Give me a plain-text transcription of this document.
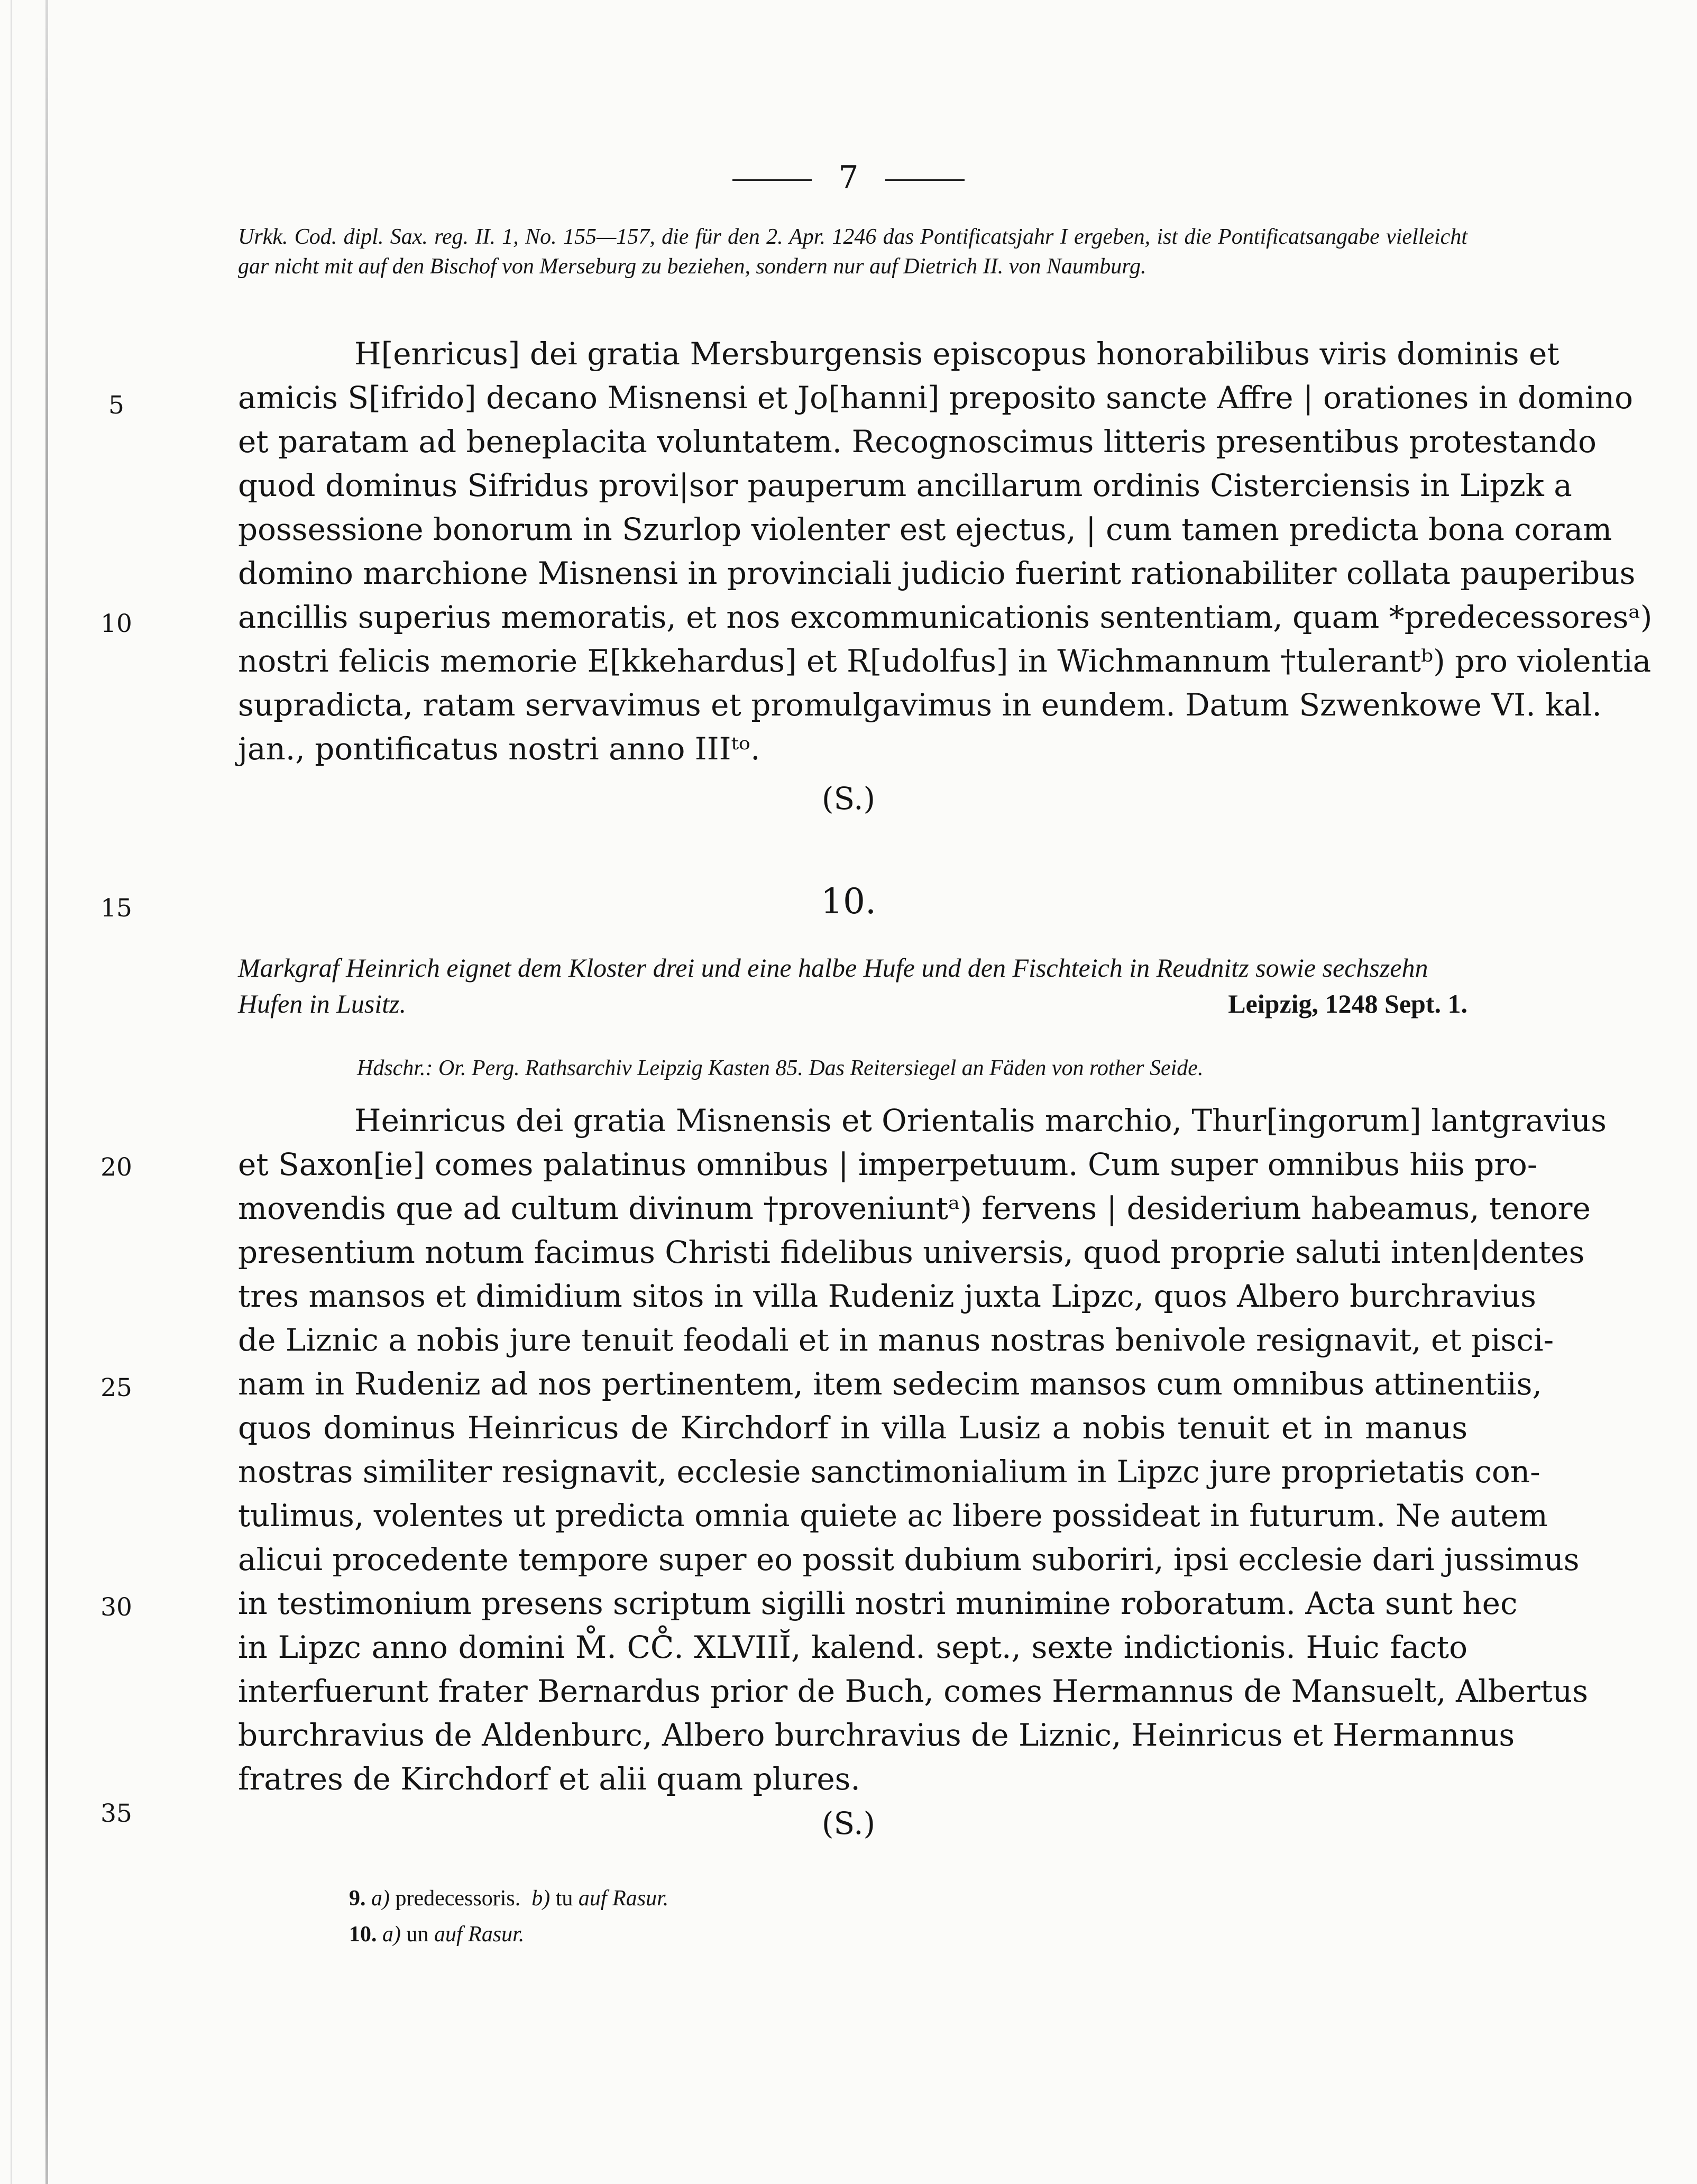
7
Urkk. Cod. dipl. Sax. reg. II. 1, No. 155—157, die für den 2. Apr. 1246 das Pontificatsjahr I ergeben, ist die Pontificatsangabe vielleicht gar nicht mit auf den Bischof von Merseburg zu beziehen, sondern nur auf Dietrich II. von Naumburg.
H[enricus] dei gratia Mersburgensis episcopus honorabilibus viris dominis et
amicis S[ifrido] decano Misnensi et Jo[hanni] preposito sancte Affre | orationes in domino
et paratam ad beneplacita voluntatem. Recognoscimus litteris presentibus protestando
quod dominus Sifridus provi|sor pauperum ancillarum ordinis Cisterciensis in Lipzk a
possessione bonorum in Szurlop violenter est ejectus, | cum tamen predicta bona coram
domino marchione Misnensi in provinciali judicio fuerint rationabiliter collata pauperibus
ancillis superius memoratis, et nos excommunicationis sententiam, quam *predecessoresᵃ)
nostri felicis memorie E[kkehardus] et R[udolfus] in Wichmannum †tulerantᵇ) pro violentia
supradicta, ratam servavimus et promulgavimus in eundem. Datum Szwenkowe VI. kal.
jan., pontificatus nostri anno IIIᵗᵒ.
5
10
15
20
25
30
35
(S.)
10.
Markgraf Heinrich eignet dem Kloster drei und eine halbe Hufe und den Fischteich in Reudnitz sowie sechszehn Hufen in Lusitz.	Leipzig, 1248 Sept. 1.
Hdschr.: Or. Perg. Rathsarchiv Leipzig Kasten 85. Das Reitersiegel an Fäden von rother Seide.
Heinricus dei gratia Misnensis et Orientalis marchio, Thur[ingorum] lantgravius
et Saxon[ie] comes palatinus omnibus | imperpetuum. Cum super omnibus hiis pro-
movendis que ad cultum divinum †proveniuntᵃ) fervens | desiderium habeamus, tenore
presentium notum facimus Christi fidelibus universis, quod proprie saluti inten|dentes
tres mansos et dimidium sitos in villa Rudeniz juxta Lipzc, quos Albero burchravius
de Liznic a nobis jure tenuit feodali et in manus nostras benivole resignavit, et pisci-
nam in Rudeniz ad nos pertinentem, item sedecim mansos cum omnibus attinentiis,
quos dominus Heinricus de Kirchdorf in villa Lusiz a nobis tenuit et in manus
nostras similiter resignavit, ecclesie sanctimonialium in Lipzc jure proprietatis con-
tulimus, volentes ut predicta omnia quiete ac libere possideat in futurum. Ne autem
alicui procedente tempore super eo possit dubium suboriri, ipsi ecclesie dari jussimus
in testimonium presens scriptum sigilli nostri munimine roboratum. Acta sunt hec
in Lipzc anno domini M̊. CC̊. XLVIIĬ, kalend. sept., sexte indictionis. Huic facto
interfuerunt frater Bernardus prior de Buch, comes Hermannus de Mansuelt, Albertus
burchravius de Aldenburc, Albero burchravius de Liznic, Heinricus et Hermannus
fratres de Kirchdorf et alii quam plures.
(S.)
9. a) predecessoris. b) tu auf Rasur.
10. a) un auf Rasur.
